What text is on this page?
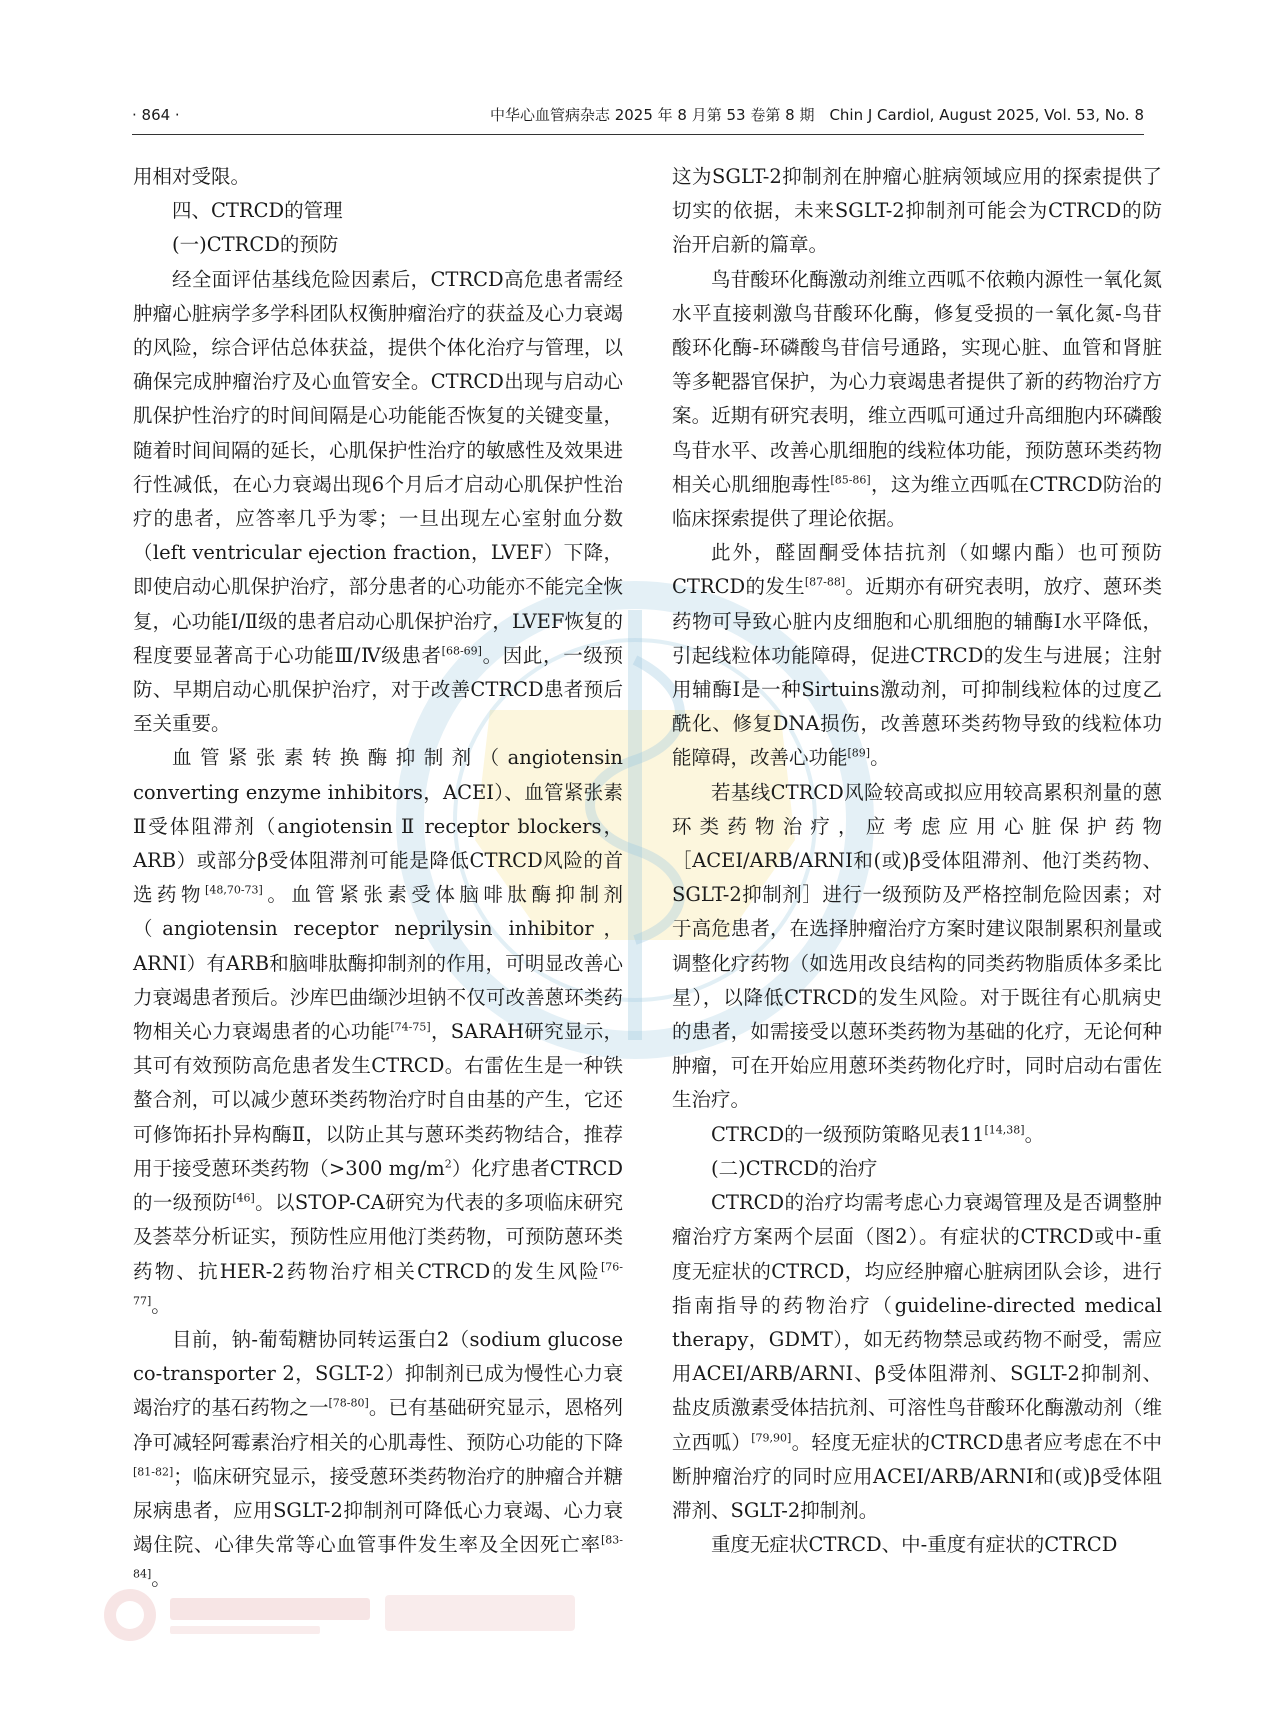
· 864 ·	中华心血管病杂志 2025 年 8 月第 53 卷第 8 期　Chin J Cardiol, August 2025, Vol. 53, No. 8

用相对受限。

四、CTRCD的管理

(一)CTRCD的预防

经全面评估基线危险因素后，CTRCD高危患者需经肿瘤心脏病学多学科团队权衡肿瘤治疗的获益及心力衰竭的风险，综合评估总体获益，提供个体化治疗与管理，以确保完成肿瘤治疗及心血管安全。CTRCD出现与启动心肌保护性治疗的时间间隔是心功能能否恢复的关键变量，随着时间间隔的延长，心肌保护性治疗的敏感性及效果进行性减低，在心力衰竭出现6个月后才启动心肌保护性治疗的患者，应答率几乎为零；一旦出现左心室射血分数（left ventricular ejection fraction，LVEF）下降，即使启动心肌保护治疗，部分患者的心功能亦不能完全恢复，心功能Ⅰ/Ⅱ级的患者启动心肌保护治疗，LVEF恢复的程度要显著高于心功能Ⅲ/Ⅳ级患者[68-69]。因此，一级预防、早期启动心肌保护治疗，对于改善CTRCD患者预后至关重要。

血管紧张素转换酶抑制剂（angiotensin converting enzyme inhibitors，ACEI）、血管紧张素Ⅱ受体阻滞剂（angiotensin Ⅱ receptor blockers，ARB）或部分β受体阻滞剂可能是降低CTRCD风险的首选药物[48,70-73]。血管紧张素受体脑啡肽酶抑制剂（angiotensin receptor neprilysin inhibitor，ARNI）有ARB和脑啡肽酶抑制剂的作用，可明显改善心力衰竭患者预后。沙库巴曲缬沙坦钠不仅可改善蒽环类药物相关心力衰竭患者的心功能[74-75]，SARAH研究显示，其可有效预防高危患者发生CTRCD。右雷佐生是一种铁螯合剂，可以减少蒽环类药物治疗时自由基的产生，它还可修饰拓扑异构酶Ⅱ，以防止其与蒽环类药物结合，推荐用于接受蒽环类药物（>300 $mg/m^2$）化疗患者CTRCD的一级预防[46]。以STOP-CA研究为代表的多项临床研究及荟萃分析证实，预防性应用他汀类药物，可预防蒽环类药物、抗HER-2药物治疗相关CTRCD的发生风险[76-77]。

目前，钠-葡萄糖协同转运蛋白2（sodium glucose co-transporter 2，SGLT-2）抑制剂已成为慢性心力衰竭治疗的基石药物之一[78-80]。已有基础研究显示，恩格列净可减轻阿霉素治疗相关的心肌毒性、预防心功能的下降[81-82]；临床研究显示，接受蒽环类药物治疗的肿瘤合并糖尿病患者，应用SGLT-2抑制剂可降低心力衰竭、心力衰竭住院、心律失常等心血管事件发生率及全因死亡率[83-84]。

这为SGLT-2抑制剂在肿瘤心脏病领域应用的探索提供了切实的依据，未来SGLT-2抑制剂可能会为CTRCD的防治开启新的篇章。

鸟苷酸环化酶激动剂维立西呱不依赖内源性一氧化氮水平直接刺激鸟苷酸环化酶，修复受损的一氧化氮-鸟苷酸环化酶-环磷酸鸟苷信号通路，实现心脏、血管和肾脏等多靶器官保护，为心力衰竭患者提供了新的药物治疗方案。近期有研究表明，维立西呱可通过升高细胞内环磷酸鸟苷水平、改善心肌细胞的线粒体功能，预防蒽环类药物相关心肌细胞毒性[85-86]，这为维立西呱在CTRCD防治的临床探索提供了理论依据。

此外，醛固酮受体拮抗剂（如螺内酯）也可预防CTRCD的发生[87-88]。近期亦有研究表明，放疗、蒽环类药物可导致心脏内皮细胞和心肌细胞的辅酶Ⅰ水平降低，引起线粒体功能障碍，促进CTRCD的发生与进展；注射用辅酶Ⅰ是一种Sirtuins激动剂，可抑制线粒体的过度乙酰化、修复DNA损伤，改善蒽环类药物导致的线粒体功能障碍，改善心功能[89]。

若基线CTRCD风险较高或拟应用较高累积剂量的蒽环类药物治疗，应考虑应用心脏保护药物［ACEI/ARB/ARNI和(或)β受体阻滞剂、他汀类药物、SGLT-2抑制剂］进行一级预防及严格控制危险因素；对于高危患者，在选择肿瘤治疗方案时建议限制累积剂量或调整化疗药物（如选用改良结构的同类药物脂质体多柔比星），以降低CTRCD的发生风险。对于既往有心肌病史的患者，如需接受以蒽环类药物为基础的化疗，无论何种肿瘤，可在开始应用蒽环类药物化疗时，同时启动右雷佐生治疗。

CTRCD的一级预防策略见表11[14,38]。

(二)CTRCD的治疗

CTRCD的治疗均需考虑心力衰竭管理及是否调整肿瘤治疗方案两个层面（图2）。有症状的CTRCD或中-重度无症状的CTRCD，均应经肿瘤心脏病团队会诊，进行指南指导的药物治疗（guideline-directed medical therapy，GDMT），如无药物禁忌或药物不耐受，需应用ACEI/ARB/ARNI、β受体阻滞剂、SGLT-2抑制剂、盐皮质激素受体拮抗剂、可溶性鸟苷酸环化酶激动剂（维立西呱）[79,90]。轻度无症状的CTRCD患者应考虑在不中断肿瘤治疗的同时应用ACEI/ARB/ARNI和(或)β受体阻滞剂、SGLT-2抑制剂。

重度无症状CTRCD、中-重度有症状的CTRCD
